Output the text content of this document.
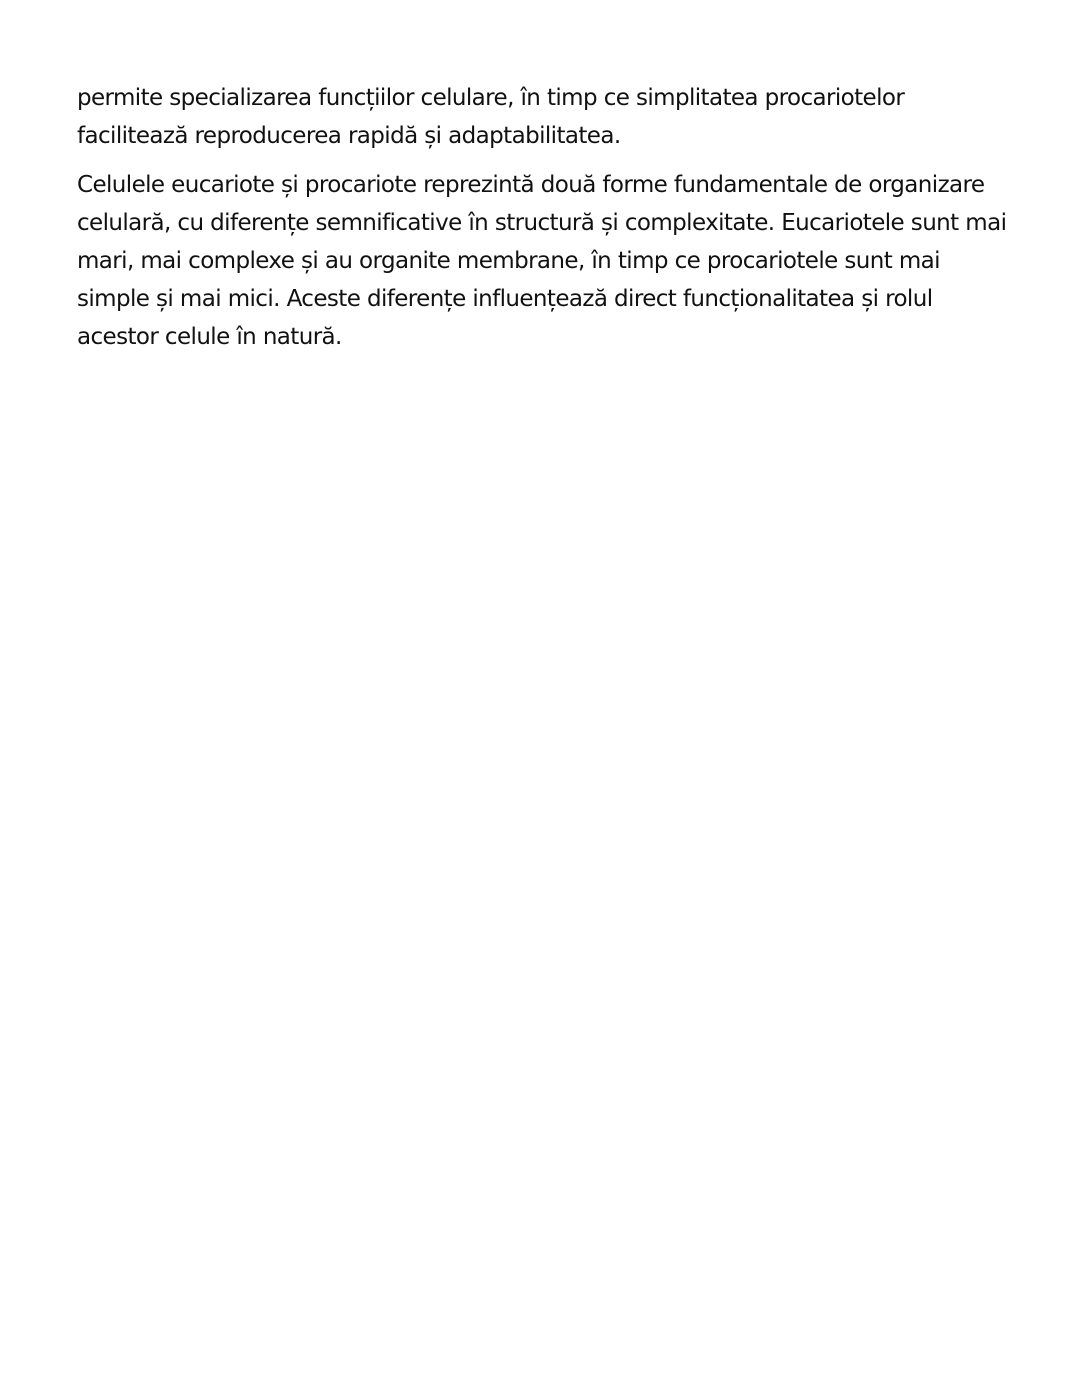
permite specializarea funcțiilor celulare, în timp ce simplitatea procariotelor facilitează reproducerea rapidă și adaptabilitatea.

Celulele eucariote și procariote reprezintă două forme fundamentale de organizare celulară, cu diferențe semnificative în structură și complexitate. Eucariotele sunt mai mari, mai complexe și au organite membrane, în timp ce procariotele sunt mai simple și mai mici. Aceste diferențe influențează direct funcționalitatea și rolul acestor celule în natură.
